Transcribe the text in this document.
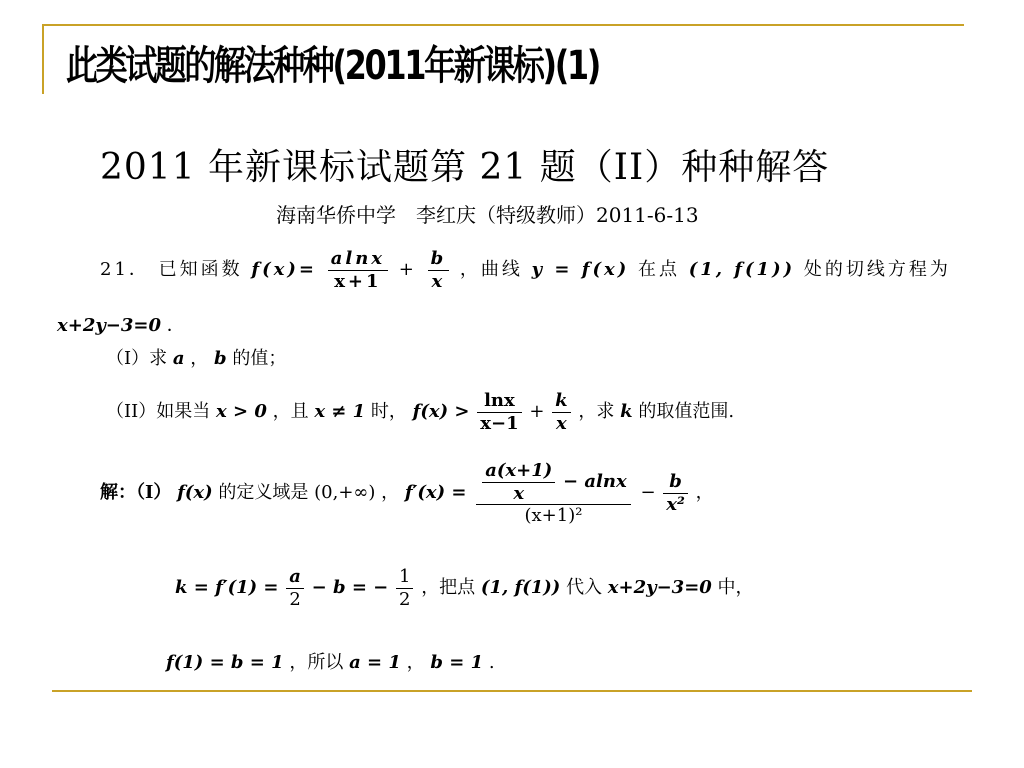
此类试题的解法种种(2011年新课标)(1)
2011 年新课标试题第 21 题（II）种种解答
海南华侨中学　李红庆（特级教师）2011-6-13
21． 已知函数 $f(x)= \frac{alnx}{x+1} + \frac{b}{x}$ ，曲线 y = f(x) 在点 (1, f(1)) 处的切线方程为
x+2y−3=0 ．
（I）求 a ， b 的值；
（II）如果当 x > 0 ，且 x ≠ 1 时， $f(x) > \frac{\ln x}{x-1} + \frac{k}{x}$ ，求 k 的取值范围.
解：（I） f(x) 的定义域是 (0,+∞) ， $f'(x) = \frac{\frac{a(x+1)}{x} - alnx}{\text{(x+1)²}} - \frac{b}{\text{x²}}$ ，
$k = f'(1) = \frac{a}{2} - b$ = − $\frac{1}{2}$ ，把点 (1, f(1)) 代入 x+2y−3=0 中，
f(1) = b = 1 ，所以 a = 1 ， b = 1 .
